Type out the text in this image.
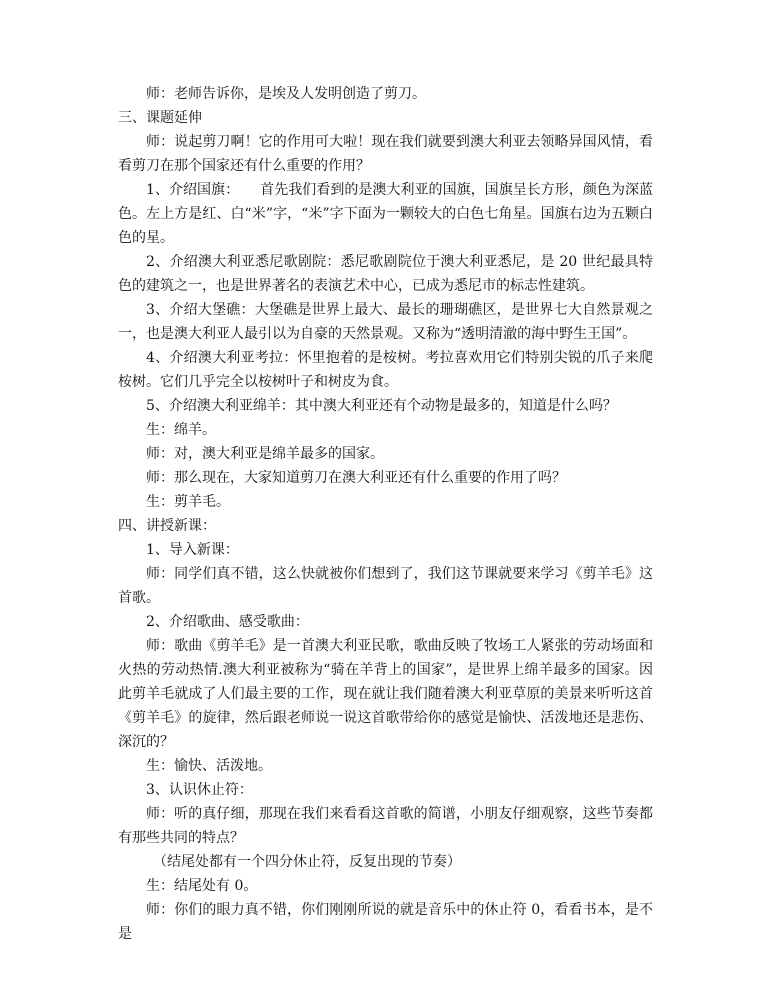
师：老师告诉你，是埃及人发明创造了剪刀。

三、课题延伸

师：说起剪刀啊！它的作用可大啦！现在我们就要到澳大利亚去领略异国风情，看看剪刀在那个国家还有什么重要的作用？

1、介绍国旗：　　首先我们看到的是澳大利亚的国旗，国旗呈长方形，颜色为深蓝色。左上方是红、白“米”字，“米”字下面为一颗较大的白色七角星。国旗右边为五颗白色的星。

2、介绍澳大利亚悉尼歌剧院：悉尼歌剧院位于澳大利亚悉尼，是 20 世纪最具特色的建筑之一，也是世界著名的表演艺术中心，已成为悉尼市的标志性建筑。

3、介绍大堡礁：大堡礁是世界上最大、最长的珊瑚礁区，是世界七大自然景观之一，也是澳大利亚人最引以为自豪的天然景观。又称为“透明清澈的海中野生王国”。

4、介绍澳大利亚考拉：怀里抱着的是桉树。考拉喜欢用它们特别尖锐的爪子来爬桉树。它们几乎完全以桉树叶子和树皮为食。

5、介绍澳大利亚绵羊：其中澳大利亚还有个动物是最多的，知道是什么吗？

生：绵羊。

师：对，澳大利亚是绵羊最多的国家。

师：那么现在，大家知道剪刀在澳大利亚还有什么重要的作用了吗？

生：剪羊毛。

四、讲授新课：

1、导入新课：

师：同学们真不错，这么快就被你们想到了，我们这节课就要来学习《剪羊毛》这首歌。

2、介绍歌曲、感受歌曲：

师：歌曲《剪羊毛》是一首澳大利亚民歌，歌曲反映了牧场工人紧张的劳动场面和火热的劳动热情.澳大利亚被称为“骑在羊背上的国家”，是世界上绵羊最多的国家。因此剪羊毛就成了人们最主要的工作，现在就让我们随着澳大利亚草原的美景来听听这首《剪羊毛》的旋律，然后跟老师说一说这首歌带给你的感觉是愉快、活泼地还是悲伤、深沉的？

生：愉快、活泼地。

3、认识休止符：

师：听的真仔细，那现在我们来看看这首歌的简谱，小朋友仔细观察，这些节奏都有那些共同的特点？

（结尾处都有一个四分休止符，反复出现的节奏）

生：结尾处有 0。

师：你们的眼力真不错，你们刚刚所说的就是音乐中的休止符 0，看看书本，是不是
